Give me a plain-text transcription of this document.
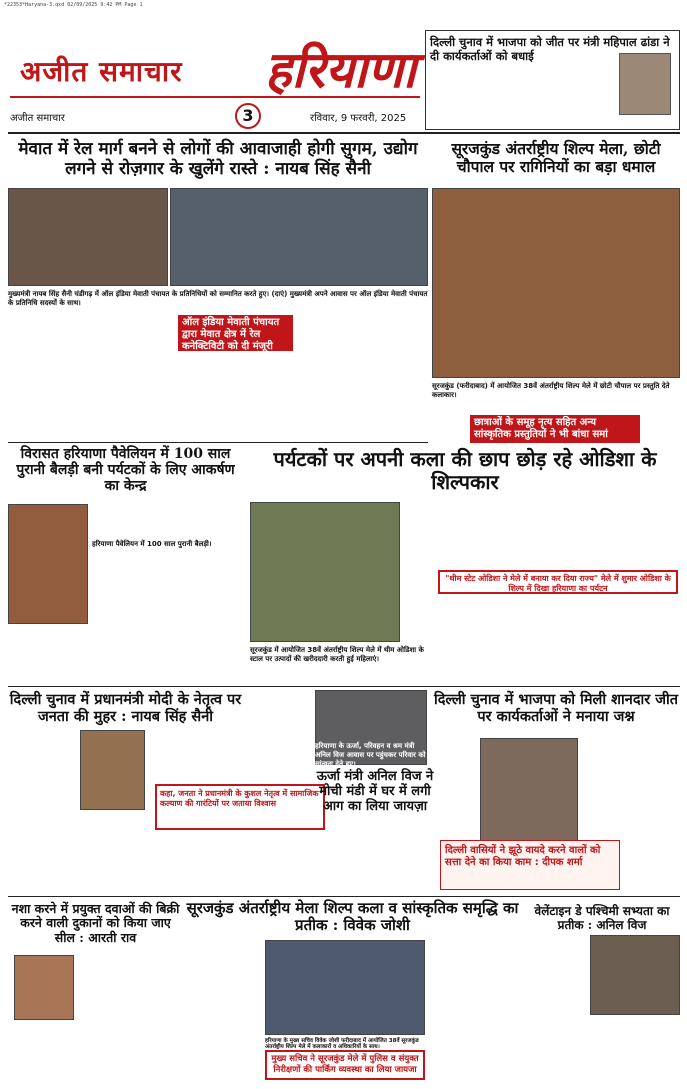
*22353*Haryana-3.qxd 02/09/2025 9:42 PM Page 1
अजीत समाचार हरियाणा
अजीत समाचार	3	रविवार, 9 फरवरी, 2025
दिल्ली चुनाव में भाजपा को जीत पर मंत्री महिपाल ढांडा ने दी कार्यकर्ताओं को बधाई
मेवात में रेल मार्ग बनने से लोगों की आवाजाही होगी सुगम, उद्योग लगने से रोज़गार के खुलेंगे रास्ते : नायब सिंह सैनी
मुख्यमंत्री नायब सिंह सैनी चंडीगढ़ में ऑल इंडिया मेवाती पंचायत के प्रतिनिधियों को सम्मानित करते हुए। (दाएं) मुख्यमंत्री अपने आवास पर ऑल इंडिया मेवाती पंचायत के प्रतिनिधि सदस्यों के साथ।
ऑल इंडिया मेवाती पंचायत द्वारा मेवात क्षेत्र में रेल कनेक्टिविटी को दी मंजूरी मिलने पर मुख्यमंत्री का आभार व्यक्त
सूरजकुंड अंतर्राष्ट्रीय शिल्प मेला, छोटी चौपाल पर रागिनियों का बड़ा धमाल
सूरजकुंड (फरीदाबाद) में आयोजित 38वें अंतर्राष्ट्रीय शिल्प मेले में छोटी चौपाल पर प्रस्तुति देते कलाकार।
छात्राओं के समूह नृत्य सहित अन्य सांस्कृतिक प्रस्तुतियों ने भी बांधा समां
"थीम स्टेट ओडिशा ने मेले में बनाया कर दिया राज्य" मेले में शुमार ओडिशा के शिल्प में दिखा हरियाणा का पर्यटन
विरासत हरियाणा पैवेलियन में 100 साल पुरानी बैलड़ी बनी पर्यटकों के लिए आकर्षण का केन्द्र
हरियाणा पैवेलियन में 100 साल पुरानी बैलड़ी।
पर्यटकों पर अपनी कला की छाप छोड़ रहे ओडिशा के शिल्पकार
सूरजकुंड में आयोजित 38वें अंतर्राष्ट्रीय शिल्प मेले में थीम ओडिशा के स्टाल पर उत्पादों की खरीददारी करती हुई महिलाएं।
दिल्ली चुनाव में प्रधानमंत्री मोदी के नेतृत्व पर जनता की मुहर : नायब सिंह सैनी
कहा, जनता ने प्रधानमंत्री के कुशल नेतृत्व में सामाजिक कल्याण की गारंटियों पर जताया विश्वास
हरियाणा के ऊर्जा, परिवहन व श्रम मंत्री अनिल विज आवास पर पहुंचकर परिवार को सांत्वना देते हुए।
ऊर्जा मंत्री अनिल विज ने मोची मंडी में घर में लगी आग का लिया जायज़ा
दिल्ली चुनाव में भाजपा को मिली शानदार जीत पर कार्यकर्ताओं ने मनाया जश्न
दिल्ली वासियों ने झूठे वायदे करने वालों को सत्ता देने का किया काम : दीपक शर्मा
नशा करने में प्रयुक्त दवाओं की बिक्री करने वाली दुकानों को किया जाए सील : आरती राव
सूरजकुंड अंतर्राष्ट्रीय मेला शिल्प कला व सांस्कृतिक समृद्धि का प्रतीक : विवेक जोशी
हरियाणा के मुख्य सचिव विवेक जोशी फरीदाबाद में आयोजित 38वें सूरजकुंड अंतर्राष्ट्रीय शिल्प मेले में कलाकारों व अधिकारियों के साथ।
मुख्य सचिव ने सूरजकुंड मेले में पुलिस व संयुक्त निरीक्षणों की पार्किंग व्यवस्था का लिया जायजा
वेलेंटाइन डे पश्चिमी सभ्यता का प्रतीक : अनिल विज
